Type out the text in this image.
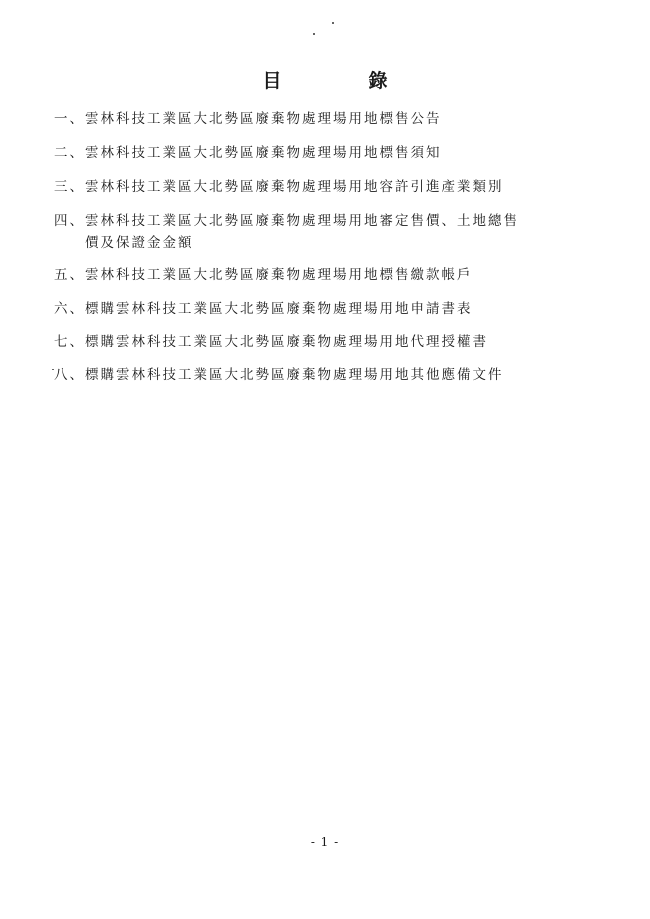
目　錄
一、雲林科技工業區大北勢區廢棄物處理場用地標售公告
二、雲林科技工業區大北勢區廢棄物處理場用地標售須知
三、雲林科技工業區大北勢區廢棄物處理場用地容許引進產業類別
四、雲林科技工業區大北勢區廢棄物處理場用地審定售價、土地總售
價及保證金金額
五、雲林科技工業區大北勢區廢棄物處理場用地標售繳款帳戶
六、標購雲林科技工業區大北勢區廢棄物處理場用地申請書表
七、標購雲林科技工業區大北勢區廢棄物處理場用地代理授權書
八、標購雲林科技工業區大北勢區廢棄物處理場用地其他應備文件
- 1 -
